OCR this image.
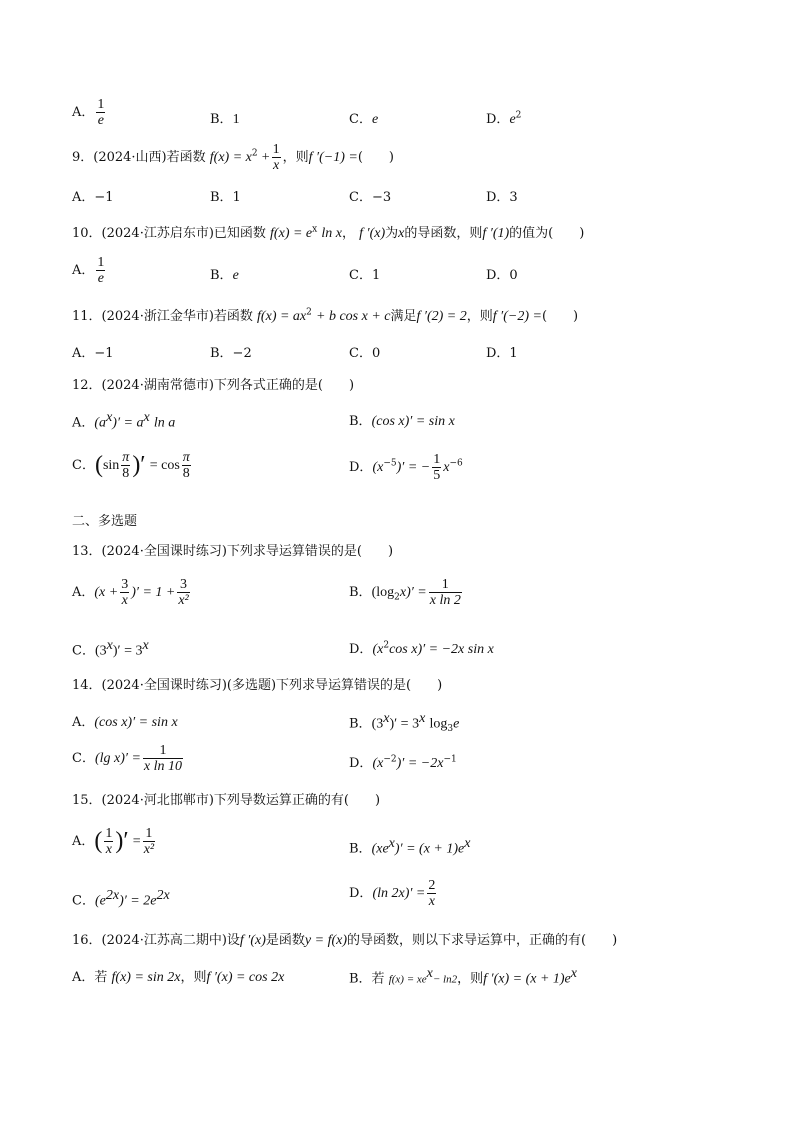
A． $\frac{1}{e}$	B．1	C．e	D．$e^2$
9．(2024·山西)若函数 $f(x) = x^2 + \frac{1}{x}$ ，则f ′(−1) =(　　)
A．−1	B．1	C．−3	D．3
10．(2024·江苏启东市)已知函数 $f(x) = e^x$ ln x， f ′(x)为x的导函数，则f ′(1)的值为(　　)
A． $\frac{1}{e}$	B．e	C．1	D．0
11．(2024·浙江金华市)若函数 $f(x) = ax^2 + b$ cos x + c满足f ′(2) = 2，则f ′(−2) =(　　)
A．−1	B．−2	C．0	D．1
12．(2024·湖南常德市)下列各式正确的是(　　)
A．$(a^x)' = a^x$ ln a	B．(cos x)′ = sin x
C．($\sin \frac{\pi}{8}$ )′ = $\cos \frac{\pi}{8}$	D．$(x^{-5})'$ = − $\frac{1}{5} x^{-6}$
二、多选题
13．(2024·全国课时练习)下列求导运算错误的是(　　)
A．($x + \frac{3}{x}$ )′ = $1 + \frac{3}{\text{x²}}$	B．$(\log_2x)' = \frac{1}{\text{x ln 2}}$
C．$(3^x)' = 3^x$	D．($x^2\cos$ x)′ = −2x sin x
14．(2024·全国课时练习)(多选题)下列求导运算错误的是(　　)
A．(cos x)′ = sin x	B．$(3^x)' = 3^x$ $\log_3e$
C．(lg $x)' = \frac{1}{\text{x ln 10}}$	D．$(x^{-2})' = -2x^{-1}$
15．(2024·河北邯郸市)下列导数运算正确的有(　　)
A．( $\frac{1}{x}$ )′ = $\frac{1}{\text{x²}}$	B．$(xe^x)' = (x + 1)e^x$
C．$(e^{2x})' = 2e^{2x}$	D．(ln $2x)' = \frac{2}{x}$
16．(2024·江苏高二期中)设f ′(x)是函数y = f(x)的导函数，则以下求导运算中，正确的有(　　)
A．若 f(x) = sin 2x，则f ′(x) = cos 2x	B．若 $f(x) = xe^x- \ln 2$，则f $'(x) = (x + 1)e^x$
